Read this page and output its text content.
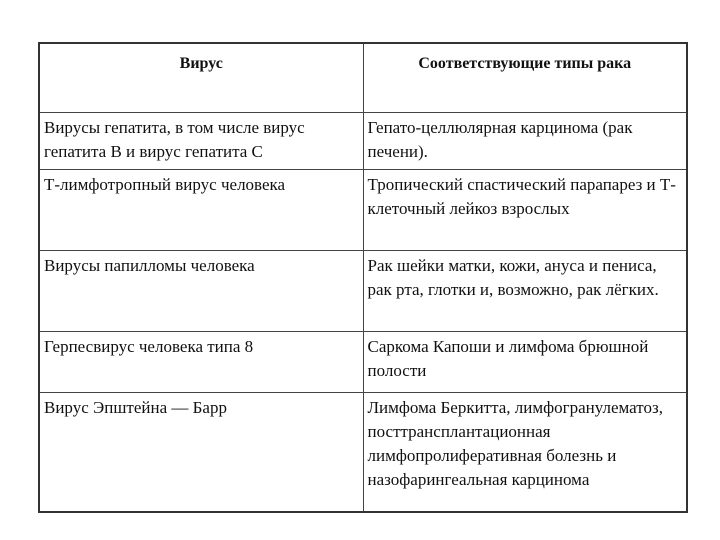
Вирус	Соответствующие типы рака
Вирусы гепатита, в том числе вирус гепатита B и вирус гепатита C	Гепато-целлюлярная карцинома (рак печени).
Т-лимфотропный вирус человека	Тропический спастический парапарез и Т-клеточный лейкоз взрослых
Вирусы папилломы человека	Рак шейки матки, кожи, ануса и пениса, рак рта, глотки и, возможно, рак лёгких.
Герпесвирус человека типа 8	Саркома Капоши и лимфома брюшной полости
Вирус Эпштейна — Барр	Лимфома Беркитта, лимфогранулематоз, посттрансплантационная лимфопролиферативная болезнь и назофарингеальная карцинома
